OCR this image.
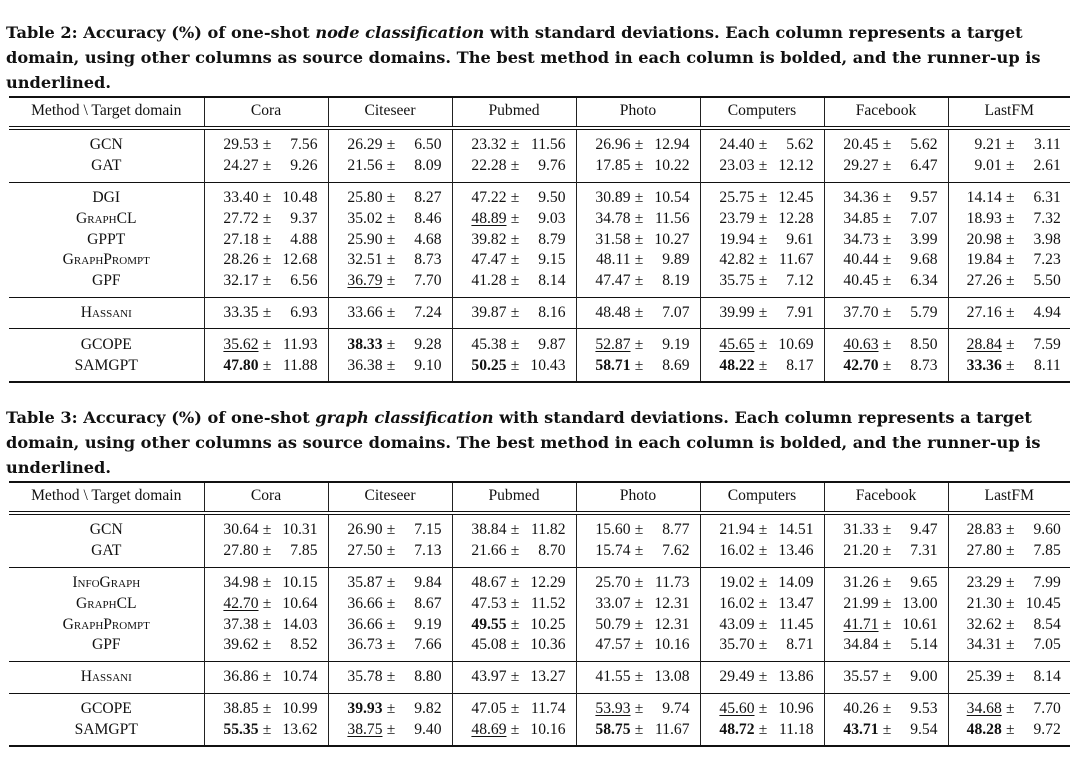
Table 2: Accuracy (%) of one-shot node classification with standard deviations. Each column represents a target domain, using other columns as source domains. The best method in each column is bolded, and the runner-up is underlined.
Method \ Target domain	Cora	Citeseer	Pubmed	Photo	Computers	Facebook	LastFM
GCN	29.53 ± 7.56	26.29 ± 6.50	23.32 ± 11.56	26.96 ± 12.94	24.40 ± 5.62	20.45 ± 5.62	9.21 ± 3.11
GAT	24.27 ± 9.26	21.56 ± 8.09	22.28 ± 9.76	17.85 ± 10.22	23.03 ± 12.12	29.27 ± 6.47	9.01 ± 2.61
DGI	33.40 ± 10.48	25.80 ± 8.27	47.22 ± 9.50	30.89 ± 10.54	25.75 ± 12.45	34.36 ± 9.57	14.14 ± 6.31
GraphCL	27.72 ± 9.37	35.02 ± 8.46	48.89 ± 9.03	34.78 ± 11.56	23.79 ± 12.28	34.85 ± 7.07	18.93 ± 7.32
GPPT	27.18 ± 4.88	25.90 ± 4.68	39.82 ± 8.79	31.58 ± 10.27	19.94 ± 9.61	34.73 ± 3.99	20.98 ± 3.98
GraphPrompt	28.26 ± 12.68	32.51 ± 8.73	47.47 ± 9.15	48.11 ± 9.89	42.82 ± 11.67	40.44 ± 9.68	19.84 ± 7.23
GPF	32.17 ± 6.56	36.79 ± 7.70	41.28 ± 8.14	47.47 ± 8.19	35.75 ± 7.12	40.45 ± 6.34	27.26 ± 5.50
Hassani	33.35 ± 6.93	33.66 ± 7.24	39.87 ± 8.16	48.48 ± 7.07	39.99 ± 7.91	37.70 ± 5.79	27.16 ± 4.94
GCOPE	35.62 ± 11.93	38.33 ± 9.28	45.38 ± 9.87	52.87 ± 9.19	45.65 ± 10.69	40.63 ± 8.50	28.84 ± 7.59
SAMGPT	47.80 ± 11.88	36.38 ± 9.10	50.25 ± 10.43	58.71 ± 8.69	48.22 ± 8.17	42.70 ± 8.73	33.36 ± 8.11
Table 3: Accuracy (%) of one-shot graph classification with standard deviations. Each column represents a target domain, using other columns as source domains. The best method in each column is bolded, and the runner-up is underlined.
Method \ Target domain	Cora	Citeseer	Pubmed	Photo	Computers	Facebook	LastFM
GCN	30.64 ± 10.31	26.90 ± 7.15	38.84 ± 11.82	15.60 ± 8.77	21.94 ± 14.51	31.33 ± 9.47	28.83 ± 9.60
GAT	27.80 ± 7.85	27.50 ± 7.13	21.66 ± 8.70	15.74 ± 7.62	16.02 ± 13.46	21.20 ± 7.31	27.80 ± 7.85
InfoGraph	34.98 ± 10.15	35.87 ± 9.84	48.67 ± 12.29	25.70 ± 11.73	19.02 ± 14.09	31.26 ± 9.65	23.29 ± 7.99
GraphCL	42.70 ± 10.64	36.66 ± 8.67	47.53 ± 11.52	33.07 ± 12.31	16.02 ± 13.47	21.99 ± 13.00	21.30 ± 10.45
GraphPrompt	37.38 ± 14.03	36.66 ± 9.19	49.55 ± 10.25	50.79 ± 12.31	43.09 ± 11.45	41.71 ± 10.61	32.62 ± 8.54
GPF	39.62 ± 8.52	36.73 ± 7.66	45.08 ± 10.36	47.57 ± 10.16	35.70 ± 8.71	34.84 ± 5.14	34.31 ± 7.05
Hassani	36.86 ± 10.74	35.78 ± 8.80	43.97 ± 13.27	41.55 ± 13.08	29.49 ± 13.86	35.57 ± 9.00	25.39 ± 8.14
GCOPE	38.85 ± 10.99	39.93 ± 9.82	47.05 ± 11.74	53.93 ± 9.74	45.60 ± 10.96	40.26 ± 9.53	34.68 ± 7.70
SAMGPT	55.35 ± 13.62	38.75 ± 9.40	48.69 ± 10.16	58.75 ± 11.67	48.72 ± 11.18	43.71 ± 9.54	48.28 ± 9.72
